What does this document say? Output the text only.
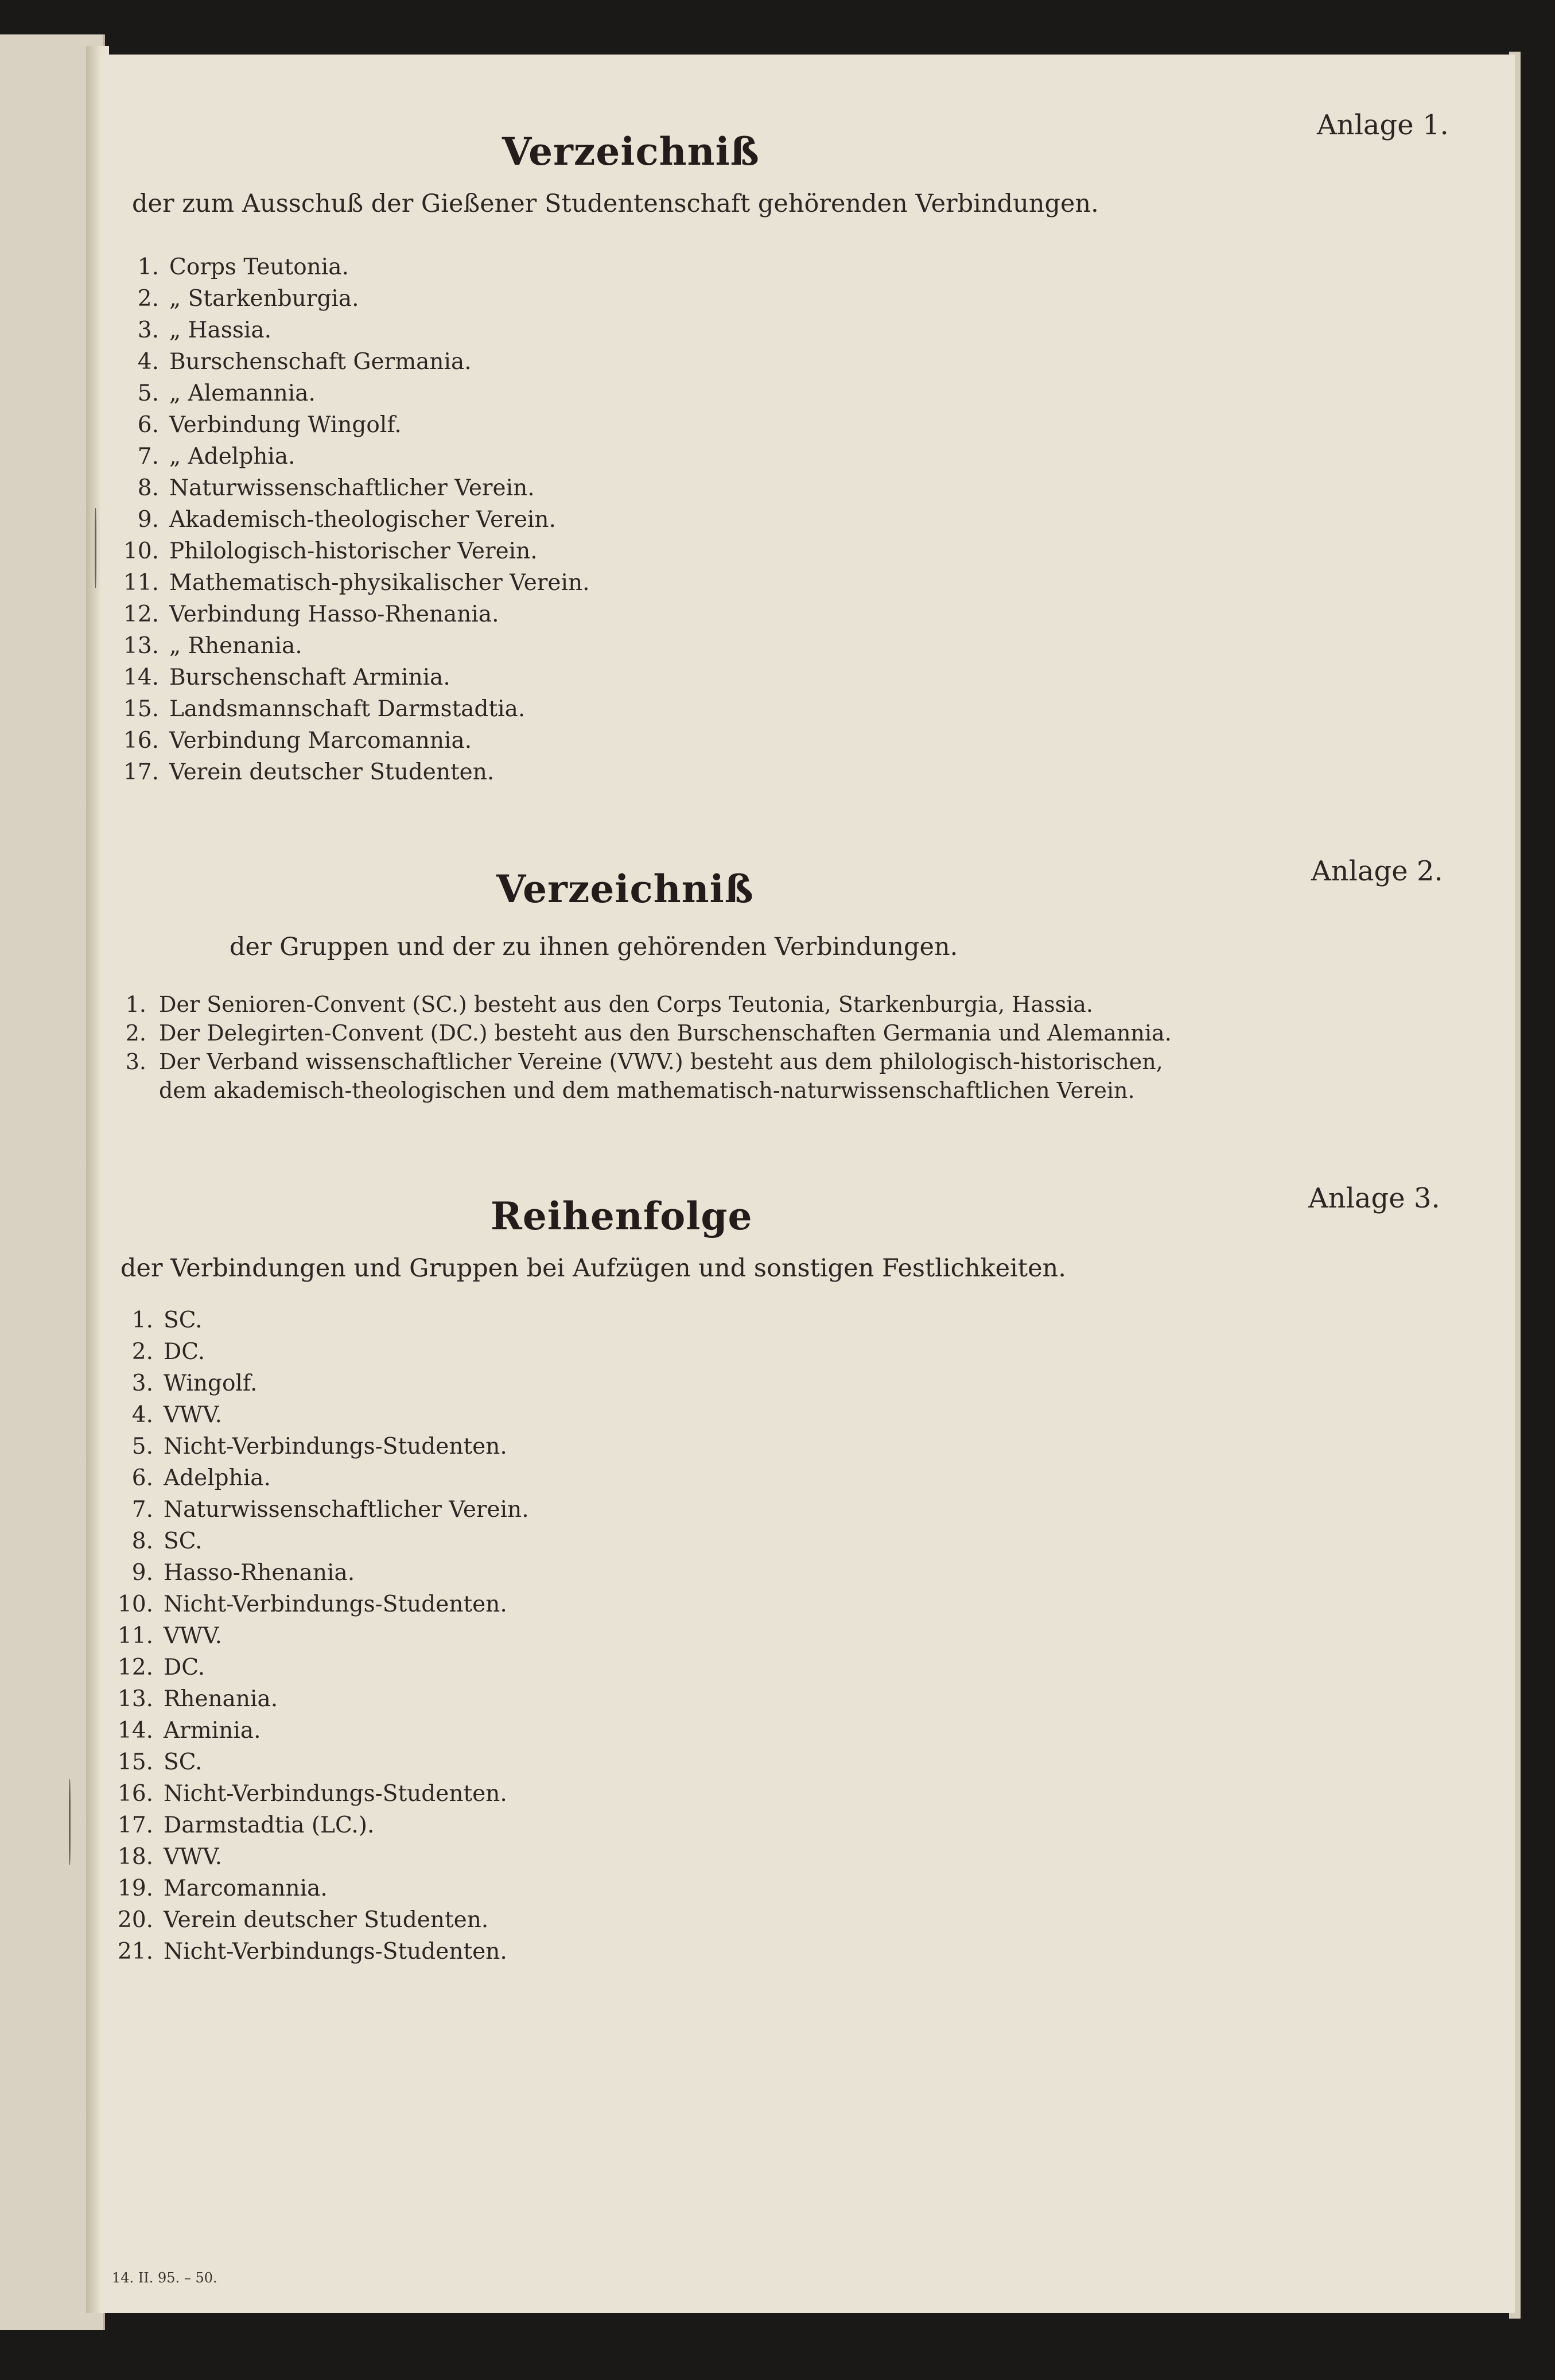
Anlage 1.
Verzeichniß
der zum Ausschuß der Gießener Studentenschaft gehörenden Verbindungen.
1. Corps Teutonia.
2. „ Starkenburgia.
3. „ Hassia.
4. Burschenschaft Germania.
5. „ Alemannia.
6. Verbindung Wingolf.
7. „ Adelphia.
8. Naturwissenschaftlicher Verein.
9. Akademisch-theologischer Verein.
10. Philologisch-historischer Verein.
11. Mathematisch-physikalischer Verein.
12. Verbindung Hasso-Rhenania.
13. „ Rhenania.
14. Burschenschaft Arminia.
15. Landsmannschaft Darmstadtia.
16. Verbindung Marcomannia.
17. Verein deutscher Studenten.
Anlage 2.
Verzeichniß
der Gruppen und der zu ihnen gehörenden Verbindungen.
1. Der Senioren-Convent (SC.) besteht aus den Corps Teutonia, Starkenburgia, Hassia.
2. Der Delegirten-Convent (DC.) besteht aus den Burschenschaften Germania und Alemannia.
3. Der Verband wissenschaftlicher Vereine (VWV.) besteht aus dem philologisch-historischen,
dem akademisch-theologischen und dem mathematisch-naturwissenschaftlichen Verein.
Anlage 3.
Reihenfolge
der Verbindungen und Gruppen bei Aufzügen und sonstigen Festlichkeiten.
1. SC.
2. DC.
3. Wingolf.
4. VWV.
5. Nicht-Verbindungs-Studenten.
6. Adelphia.
7. Naturwissenschaftlicher Verein.
8. SC.
9. Hasso-Rhenania.
10. Nicht-Verbindungs-Studenten.
11. VWV.
12. DC.
13. Rhenania.
14. Arminia.
15. SC.
16. Nicht-Verbindungs-Studenten.
17. Darmstadtia (LC.).
18. VWV.
19. Marcomannia.
20. Verein deutscher Studenten.
21. Nicht-Verbindungs-Studenten.
14. II. 95. – 50.
